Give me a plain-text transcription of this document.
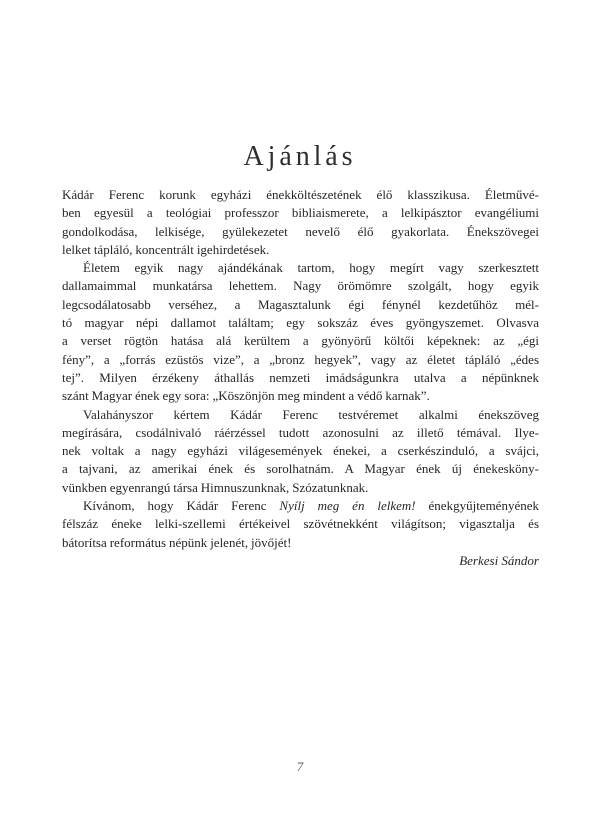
Ajánlás
Kádár Ferenc korunk egyházi énekköltészetének élő klasszikusa. Életművé-
ben egyesül a teológiai professzor bibliaismerete, a lelkipásztor evangéliumi
gondolkodása, lelkisége, gyülekezetet nevelő élő gyakorlata. Énekszövegei
lelket tápláló, koncentrált igehirdetések.
Életem egyik nagy ajándékának tartom, hogy megírt vagy szerkesztett
dallamaimmal munkatársa lehettem. Nagy örömömre szolgált, hogy egyik
legcsodálatosabb verséhez, a Magasztalunk égi fénynél kezdetűhöz mél-
tó magyar népi dallamot találtam; egy sokszáz éves gyöngyszemet. Olvasva
a verset rögtön hatása alá kerültem a gyönyörű költői képeknek: az „égi
fény”, a „forrás ezüstös vize”, a „bronz hegyek”, vagy az életet tápláló „édes
tej”. Milyen érzékeny áthallás nemzeti imádságunkra utalva a népünknek
szánt Magyar ének egy sora: „Köszönjön meg mindent a védő karnak”.
Valahányszor kértem Kádár Ferenc testvéremet alkalmi énekszöveg
megírására, csodálnivaló ráérzéssel tudott azonosulni az illető témával. Ilye-
nek voltak a nagy egyházi világesemények énekei, a cserkészinduló, a svájci,
a tajvani, az amerikai ének és sorolhatnám. A Magyar ének új énekesköny-
vünkben egyenrangú társa Himnuszunknak, Szózatunknak.
Kívánom, hogy Kádár Ferenc Nyílj meg én lelkem! énekgyűjteményének
félszáz éneke lelki-szellemi értékeivel szövétnekként világítson; vigasztalja és
bátorítsa református népünk jelenét, jövőjét!
Berkesi Sándor
7
